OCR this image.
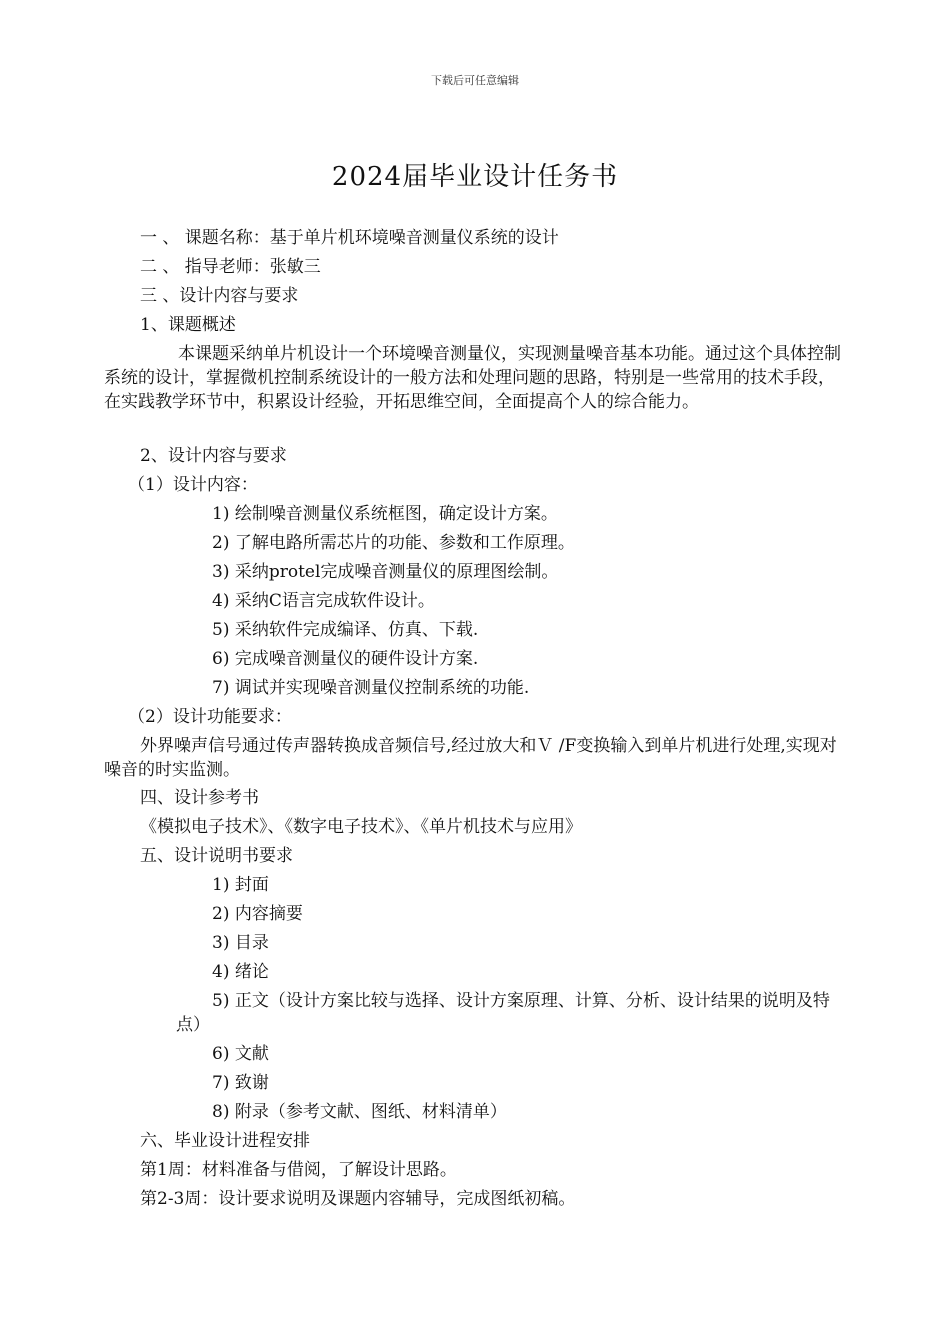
下载后可任意编辑
2024届毕业设计任务书
一 、 课题名称：基于单片机环境噪音测量仪系统的设计
二 、 指导老师：张敏三
三 、设计内容与要求
1、课题概述
本课题采纳单片机设计一个环境噪音测量仪，实现测量噪音基本功能。通过这个具体控制系统的设计，掌握微机控制系统设计的一般方法和处理问题的思路，特别是一些常用的技术手段，在实践教学环节中，积累设计经验，开拓思维空间，全面提高个人的综合能力。
2、设计内容与要求
（1）设计内容：
1) 绘制噪音测量仪系统框图，确定设计方案。
2) 了解电路所需芯片的功能、参数和工作原理。
3) 采纳protel完成噪音测量仪的原理图绘制。
4) 采纳C语言完成软件设计。
5) 采纳软件完成编译、仿真、下载.
6) 完成噪音测量仪的硬件设计方案.
7) 调试并实现噪音测量仪控制系统的功能.
（2）设计功能要求：
外界噪声信号通过传声器转换成音频信号,经过放大和Ｖ /F变换输入到单片机进行处理,实现对噪音的时实监测。
四、设计参考书
《模拟电子技术》、《数字电子技术》、《单片机技术与应用》
五、设计说明书要求
1) 封面
2) 内容摘要
3) 目录
4) 绪论
5) 正文（设计方案比较与选择、设计方案原理、计算、分析、设计结果的说明及特点）
6) 文献
7) 致谢
8) 附录（参考文献、图纸、材料清单）
六、毕业设计进程安排
第1周：材料准备与借阅，了解设计思路。
第2-3周：设计要求说明及课题内容辅导，完成图纸初稿。
